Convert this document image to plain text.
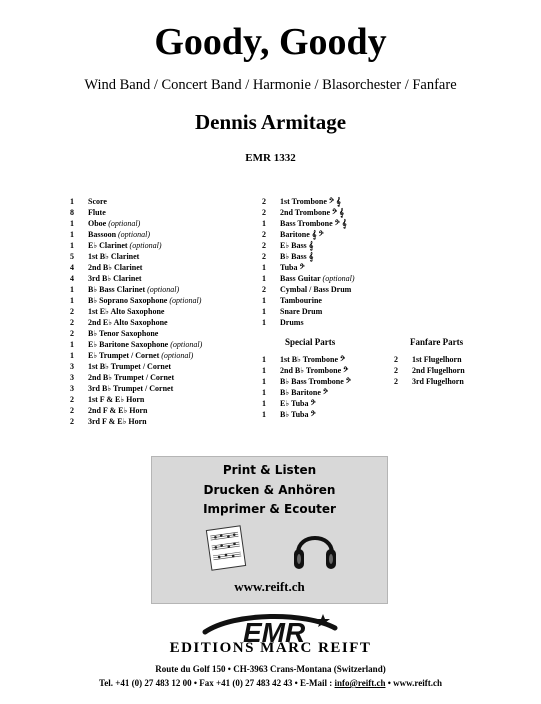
Goody, Goody
Wind Band / Concert Band / Harmonie / Blasorchester / Fanfare
Dennis Armitage
EMR 1332
1 Score
8 Flute
1 Oboe (optional)
1 Bassoon (optional)
1 E♭ Clarinet (optional)
5 1st B♭ Clarinet
4 2nd B♭ Clarinet
4 3rd B♭ Clarinet
1 B♭ Bass Clarinet (optional)
1 B♭ Soprano Saxophone (optional)
2 1st E♭ Alto Saxophone
2 2nd E♭ Alto Saxophone
2 B♭ Tenor Saxophone
1 E♭ Baritone Saxophone (optional)
1 E♭ Trumpet / Cornet (optional)
3 1st B♭ Trumpet / Cornet
3 2nd B♭ Trumpet / Cornet
3 3rd B♭ Trumpet / Cornet
2 1st F & E♭ Horn
2 2nd F & E♭ Horn
2 3rd F & E♭ Horn
2 1st Trombone 𝄢 𝄞
2 2nd Trombone 𝄢 𝄞
1 Bass Trombone 𝄢 𝄞
2 Baritone 𝄞 𝄢
2 E♭ Bass 𝄞
2 B♭ Bass 𝄞
1 Tuba 𝄢
1 Bass Guitar (optional)
2 Cymbal / Bass Drum
1 Tambourine
1 Snare Drum
1 Drums
Special Parts
1 1st B♭ Trombone 𝄢
1 2nd B♭ Trombone 𝄢
1 B♭ Bass Trombone 𝄢
1 B♭ Baritone 𝄢
1 E♭ Tuba 𝄢
1 B♭ Tuba 𝄢
Fanfare Parts
2 1st Flugelhorn
2 2nd Flugelhorn
2 3rd Flugelhorn
Print & Listen
Drucken & Anhören
Imprimer & Ecouter
www.reift.ch
EMR
EDITIONS MARC REIFT
Route du Golf 150 • CH-3963 Crans-Montana (Switzerland)
Tel. +41 (0) 27 483 12 00 • Fax +41 (0) 27 483 42 43 • E-Mail : info@reift.ch • www.reift.ch
